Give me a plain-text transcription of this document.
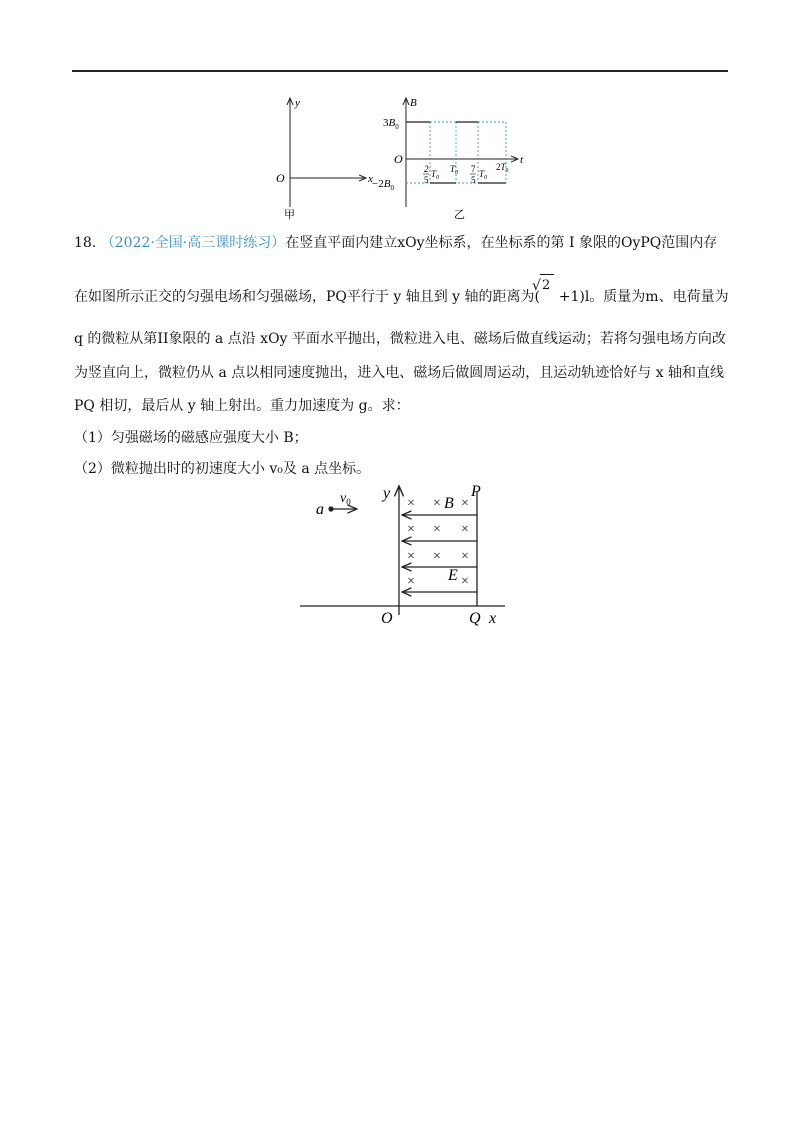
y
x
O
甲
B
t
O
$3B_0$
$-2B_0$
2
5
$T_0$
$T_0$ 7
5
$T_0$
$2T_0$
乙
18. （2022·全国·高三课时练习）在竖直平面内建立xOy坐标系，在坐标系的第 I 象限的OyPQ范围内存
在如图所示正交的匀强电场和匀强磁场，PQ平行于 y 轴且到 y 轴的距离为(
√ 2 +1)l。质量为m、电荷量为
q 的微粒从第II象限的 a 点沿 xOy 平面水平抛出，微粒进入电、磁场后做直线运动；若将匀强电场方向改
为竖直向上，微粒仍从 a 点以相同速度抛出，进入电、磁场后做圆周运动，且运动轨迹恰好与 x 轴和直线
PQ 相切，最后从 y 轴上射出。重力加速度为 g。求：
（1）匀强磁场的磁感应强度大小 B；
（2）微粒抛出时的初速度大小 v₀及 a 点坐标。
× × ×
× × ×
× × ×
×	×
a
$v_0$ y	P
B
E
O	Q x
